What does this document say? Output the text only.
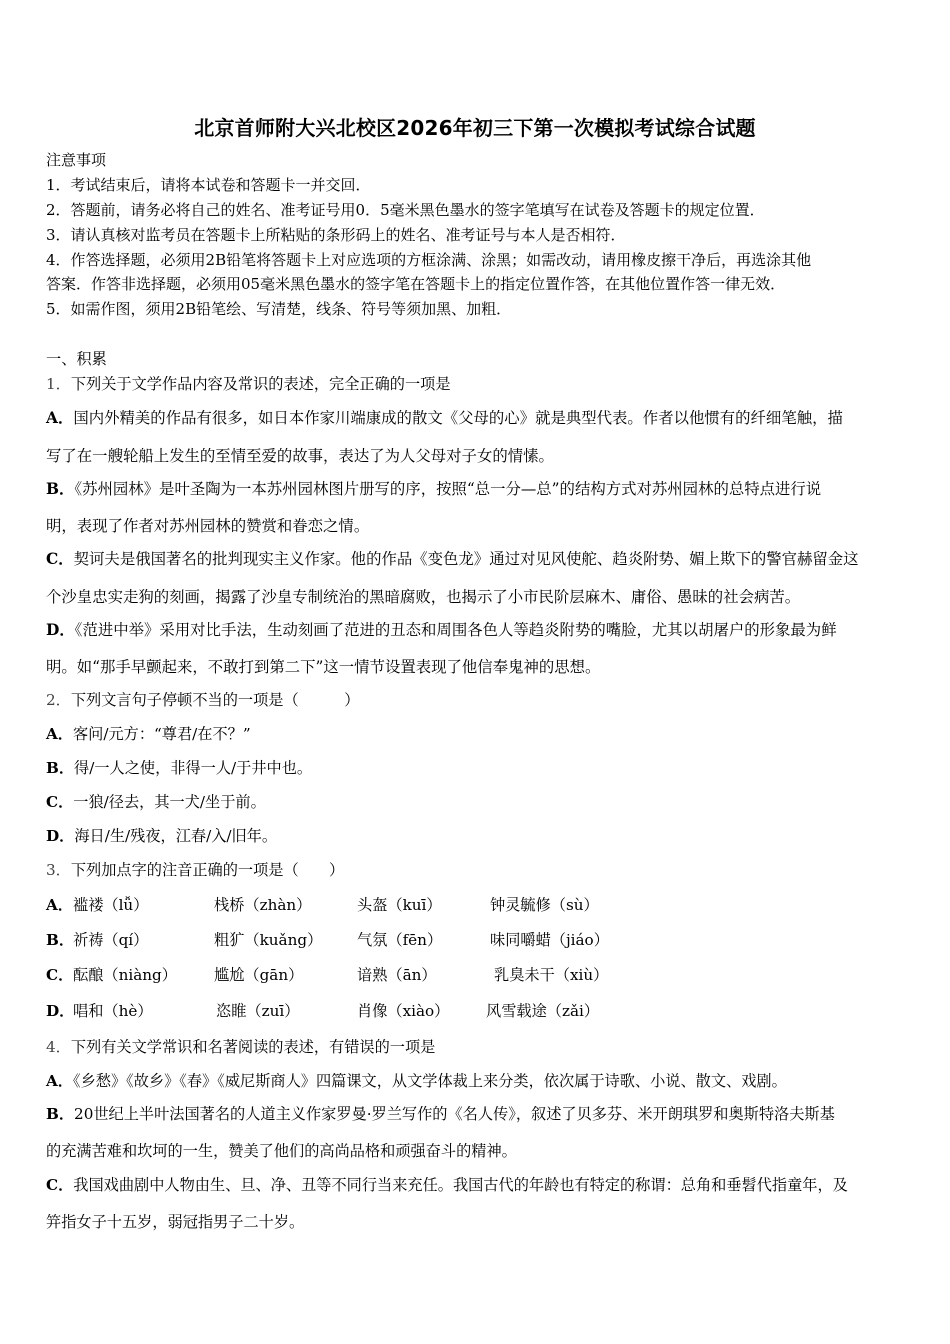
北京首师附大兴北校区2026年初三下第一次模拟考试综合试题
注意事项
1．考试结束后，请将本试卷和答题卡一并交回．
2．答题前，请务必将自己的姓名、准考证号用0．5毫米黑色墨水的签字笔填写在试卷及答题卡的规定位置．
3．请认真核对监考员在答题卡上所粘贴的条形码上的姓名、准考证号与本人是否相符．
4．作答选择题，必须用2B铅笔将答题卡上对应选项的方框涂满、涂黑；如需改动，请用橡皮擦干净后，再选涂其他
答案．作答非选择题，必须用05毫米黑色墨水的签字笔在答题卡上的指定位置作答，在其他位置作答一律无效．
5．如需作图，须用2B铅笔绘、写清楚，线条、符号等须加黑、加粗．
一、积累
1．下列关于文学作品内容及常识的表述，完全正确的一项是
A．国内外精美的作品有很多，如日本作家川端康成的散文《父母的心》就是典型代表。作者以他惯有的纤细笔触，描
写了在一艘轮船上发生的至情至爱的故事，表达了为人父母对子女的情愫。
B．《苏州园林》是叶圣陶为一本苏州园林图片册写的序，按照“总一分—总”的结构方式对苏州园林的总特点进行说
明，表现了作者对苏州园林的赞赏和眷恋之情。
C．契诃夫是俄国著名的批判现实主义作家。他的作品《变色龙》通过对见风使舵、趋炎附势、媚上欺下的警官赫留金这
个沙皇忠实走狗的刻画，揭露了沙皇专制统治的黑暗腐败，也揭示了小市民阶层麻木、庸俗、愚昧的社会病苦。
D．《范进中举》采用对比手法，生动刻画了范进的丑态和周围各色人等趋炎附势的嘴脸，尤其以胡屠户的形象最为鲜
明。如“那手早颤起来，不敢打到第二下”这一情节设置表现了他信奉鬼神的思想。
2．下列文言句子停顿不当的一项是（　　　）
A．客问/元方：“尊君/在不？”
B．得/一人之使，非得一人/于井中也。
C．一狼/径去，其一犬/坐于前。
D．海日/生/残夜，江春/入/旧年。
3．下列加点字的注音正确的一项是（　　）
A． 褴褛（lǚ）	栈桥（zhàn）	头盔（kuī）	钟灵毓修（sù）
B．
祈祷（qí）	粗犷（kuǎng） 气氛（fēn）	味同嚼蜡（jiáo）
C． 酝酿（niàng） 尴尬（gān）	谙熟（ān）	乳臭未干（xiù）
D．
唱和（hè）	恣睢（zuī）	肖像（xiào） 风雪载途（zǎi）
4．下列有关文学常识和名著阅读的表述，有错误的一项是
A．《乡愁》《故乡》《春》《威尼斯商人》四篇课文，从文学体裁上来分类，依次属于诗歌、小说、散文、戏剧。
B．20世纪上半叶法国著名的人道主义作家罗曼·罗兰写作的《名人传》，叙述了贝多芬、米开朗琪罗和奥斯特洛夫斯基
的充满苦难和坎坷的一生，赞美了他们的高尚品格和顽强奋斗的精神。
C．我国戏曲剧中人物由生、旦、净、丑等不同行当来充任。我国古代的年龄也有特定的称谓：总角和垂髫代指童年，及
笄指女子十五岁，弱冠指男子二十岁。
